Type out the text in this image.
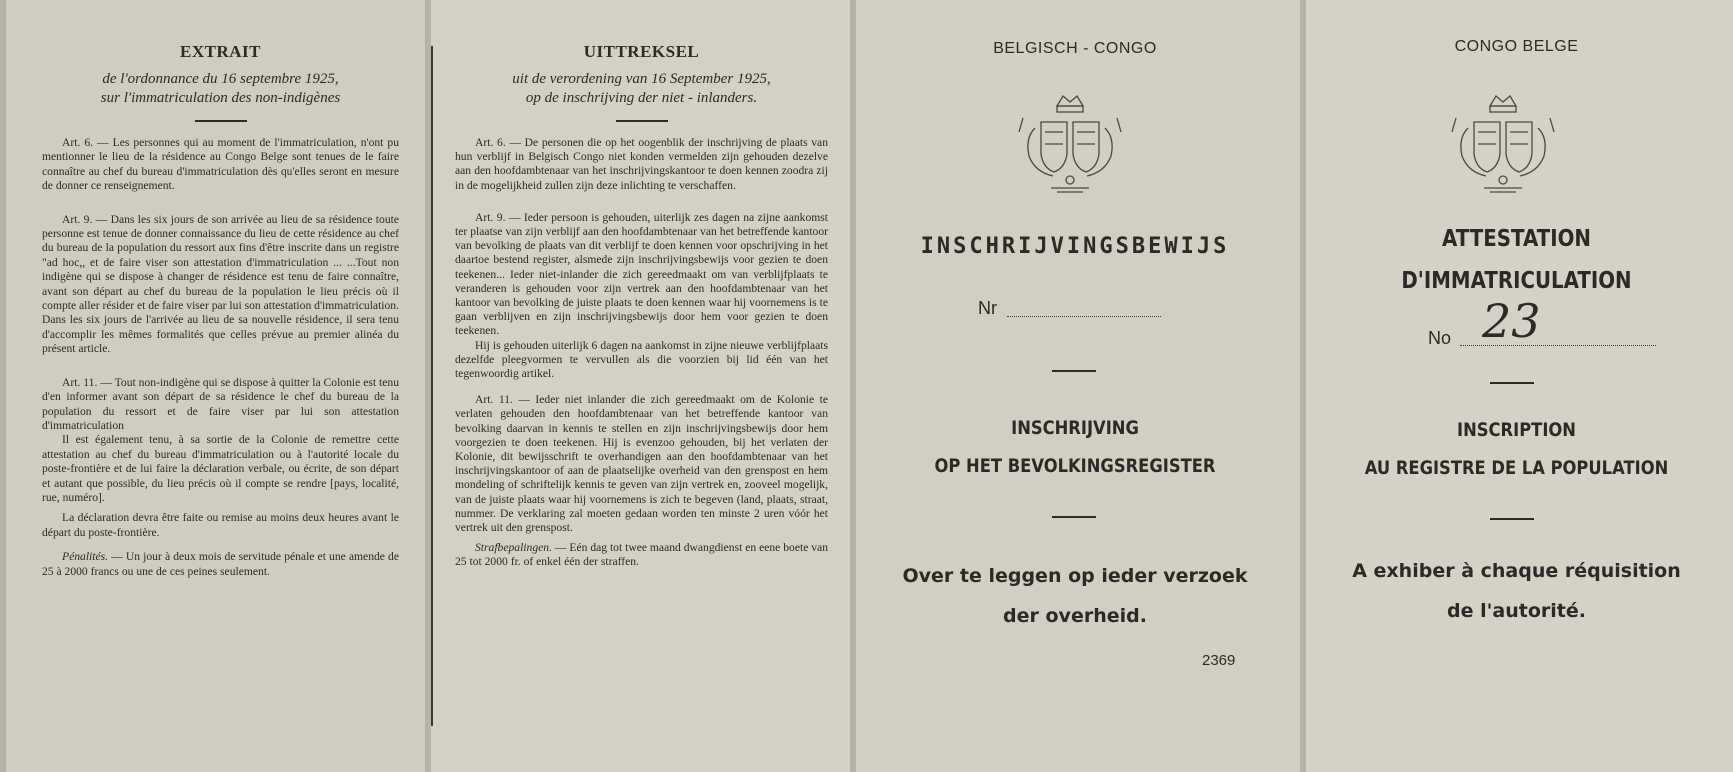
EXTRAIT
de l'ordonnance du 16 septembre 1925,
sur l'immatriculation des non-indigènes

Art. 6. — Les personnes qui au moment de l'immatriculation, n'ont pu mentionner le lieu de la résidence au Congo Belge sont tenues de le faire connaître au chef du bureau d'immatriculation dès qu'elles seront en mesure de donner ce renseignement.

Art. 9. — Dans les six jours de son arrivée au lieu de sa résidence toute personne est tenue de donner connaissance du lieu de cette résidence au chef du bureau de la population du ressort aux fins d'être inscrite dans un registre "ad hoc,, et de faire viser son attestation d'immatriculation ... ...Tout non indigène qui se dispose à changer de résidence est tenu de faire connaître, avant son départ au chef du bureau de la population le lieu précis où il compte aller résider et de faire viser par lui son attestation d'immatriculation. Dans les six jours de l'arrivée au lieu de sa nouvelle résidence, il sera tenu d'accomplir les mêmes formalités que celles prévue au premier alinéa du présent article.

Art. 11. — Tout non-indigène qui se dispose à quitter la Colonie est tenu d'en informer avant son départ de sa résidence le chef du bureau de la population du ressort et de faire viser par lui son attestation d'immatriculation

Il est également tenu, à sa sortie de la Colonie de remettre cette attestation au chef du bureau d'immatriculation ou à l'autorité locale du poste-frontière et de lui faire la déclaration verbale, ou écrite, de son départ et autant que possible, du lieu précis où il compte se rendre [pays, localité, rue, numéro].

La déclaration devra être faite ou remise au moins deux heures avant le départ du poste-frontière.

Pénalités. — Un jour à deux mois de servitude pénale et une amende de 25 à 2000 francs ou une de ces peines seulement.

UITTREKSEL
uit de verordening van 16 September 1925,
op de inschrijving der niet - inlanders.

Art. 6. — De personen die op het oogenblik der inschrijving de plaats van hun verblijf in Belgisch Congo niet konden vermelden zijn gehouden dezelve aan den hoofdambtenaar van het inschrijvingskantoor te doen kennen zoodra zij in de mogelijkheid zullen zijn deze inlichting te verschaffen.

Art. 9. — Ieder persoon is gehouden, uiterlijk zes dagen na zijne aankomst ter plaatse van zijn verblijf aan den hoofdambtenaar van het betreffende kantoor van bevolking de plaats van dit verblijf te doen kennen voor opschrijving in het daartoe bestend register, alsmede zijn inschrijvingsbewijs voor gezien te doen teekenen... Ieder niet-inlander die zich gereedmaakt om van verblijfplaats te veranderen is gehouden voor zijn vertrek aan den hoofdambtenaar van het kantoor van bevolking de juiste plaats te doen kennen waar hij voornemens is te gaan verblijven en zijn inschrijvingsbewijs door hem voor gezien te doen teekenen.

Hij is gehouden uiterlijk 6 dagen na aankomst in zijne nieuwe verblijfplaats dezelfde pleegvormen te vervullen als die voorzien bij lid één van het tegenwoordig artikel.

Art. 11. — Ieder niet inlander die zich gereedmaakt om de Kolonie te verlaten gehouden den hoofdambtenaar van het betreffende kantoor van bevolking daarvan in kennis te stellen en zijn inschrijvingsbewijs door hem voorgezien te doen teekenen. Hij is evenzoo gehouden, bij het verlaten der Kolonie, dit bewijsschrift te overhandigen aan den hoofdambtenaar van het inschrijvingskantoor of aan de plaatselijke overheid van den grenspost en hem mondeling of schriftelijk kennis te geven van zijn vertrek en, zooveel mogelijk, van de juiste plaats waar hij voornemens is zich te begeven (land, plaats, straat, nummer. De verklaring zal moeten gedaan worden ten minste 2 uren vóór het vertrek uit den grenspost.

Strafbepalingen. — Eén dag tot twee maand dwangdienst en eene boete van 25 tot 2000 fr. of enkel één der straffen.

BELGISCH - CONGO
INSCHRIJVINGSBEWIJS
Nr
INSCHRIJVING
OP HET BEVOLKINGSREGISTER
Over te leggen op ieder verzoek
der overheid.
2369
CONGO BELGE
ATTESTATION
D'IMMATRICULATION
No 23
INSCRIPTION
AU REGISTRE DE LA POPULATION
A exhiber à chaque réquisition
de l'autorité.
